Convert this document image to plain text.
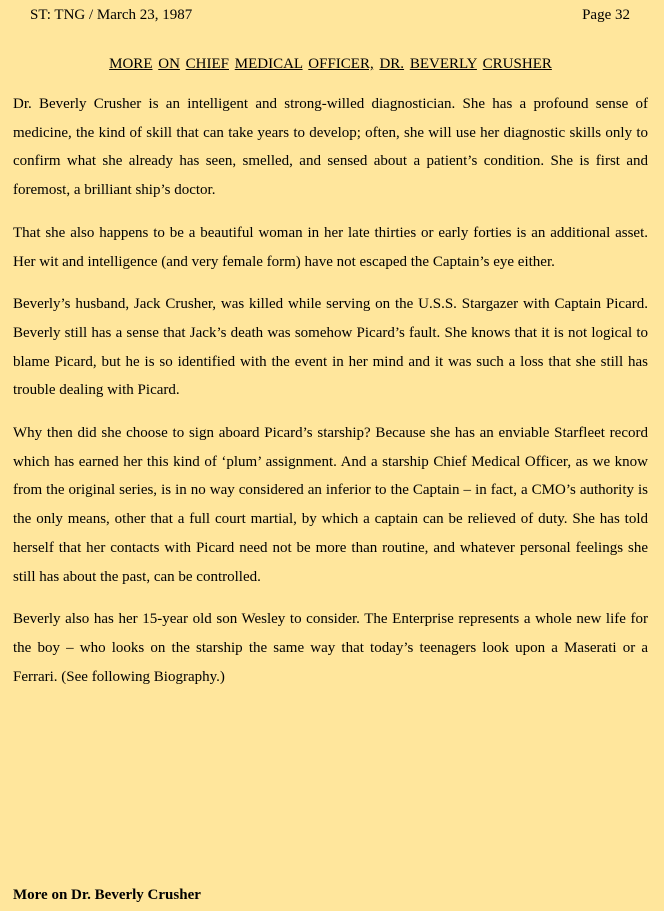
ST: TNG / March 23, 1987	Page 32
MORE ON CHIEF MEDICAL OFFICER, DR. BEVERLY CRUSHER

Dr. Beverly Crusher is an intelligent and strong-willed diagnostician. She has a profound sense of medicine, the kind of skill that can take years to develop; often, she will use her diagnostic skills only to confirm what she already has seen, smelled, and sensed about a patient’s condition. She is first and foremost, a brilliant ship’s doctor.

That she also happens to be a beautiful woman in her late thirties or early forties is an additional asset. Her wit and intelligence (and very female form) have not escaped the Captain’s eye either.

Beverly’s husband, Jack Crusher, was killed while serving on the U.S.S. Stargazer with Captain Picard. Beverly still has a sense that Jack’s death was somehow Picard’s fault. She knows that it is not logical to blame Picard, but he is so identified with the event in her mind and it was such a loss that she still has trouble dealing with Picard.

Why then did she choose to sign aboard Picard’s starship? Because she has an enviable Starfleet record which has earned her this kind of ‘plum’ assignment. And a starship Chief Medical Officer, as we know from the original series, is in no way considered an inferior to the Captain – in fact, a CMO’s authority is the only means, other that a full court martial, by which a captain can be relieved of duty. She has told herself that her contacts with Picard need not be more than routine, and whatever personal feelings she still has about the past, can be controlled.

Beverly also has her 15-year old son Wesley to consider. The Enterprise represents a whole new life for the boy – who looks on the starship the same way that today’s teenagers look upon a Maserati or a Ferrari. (See following Biography.)

More on Dr. Beverly Crusher
